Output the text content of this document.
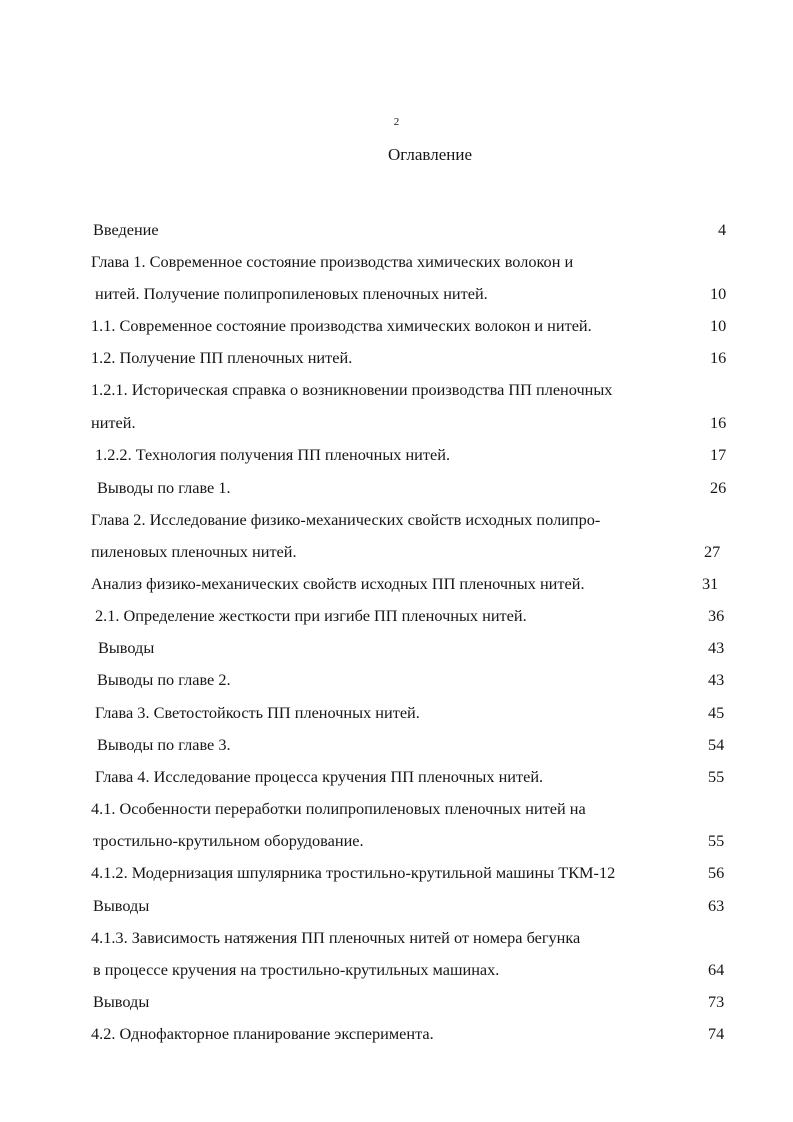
2
Оглавление
Введение	4
Глава 1. Современное состояние производства химических волокон и
нитей. Получение полипропиленовых пленочных нитей.	10
1.1. Современное состояние производства химических волокон и нитей.	10
1.2. Получение ПП пленочных нитей.	16
1.2.1. Историческая справка о возникновении производства ПП пленочных
нитей.	16
1.2.2. Технология получения ПП пленочных нитей.	17
Выводы по главе 1.	26
Глава 2. Исследование физико-механических свойств исходных полипро-
пиленовых пленочных нитей.	27
Анализ физико-механических свойств исходных ПП пленочных нитей.	31
2.1. Определение жесткости при изгибе ПП пленочных нитей.	36
Выводы	43
Выводы по главе 2.	43
Глава 3. Светостойкость ПП пленочных нитей.	45
Выводы по главе 3.	54
Глава 4. Исследование процесса кручения ПП пленочных нитей.	55
4.1. Особенности переработки полипропиленовых пленочных нитей на
тростильно-крутильном оборудование.	55
4.1.2. Модернизация шпулярника тростильно-крутильной машины ТКМ-12	56
Выводы	63
4.1.3. Зависимость натяжения ПП пленочных нитей от номера бегунка
в процессе кручения на тростильно-крутильных машинах.	64
Выводы	73
4.2. Однофакторное планирование эксперимента.	74
